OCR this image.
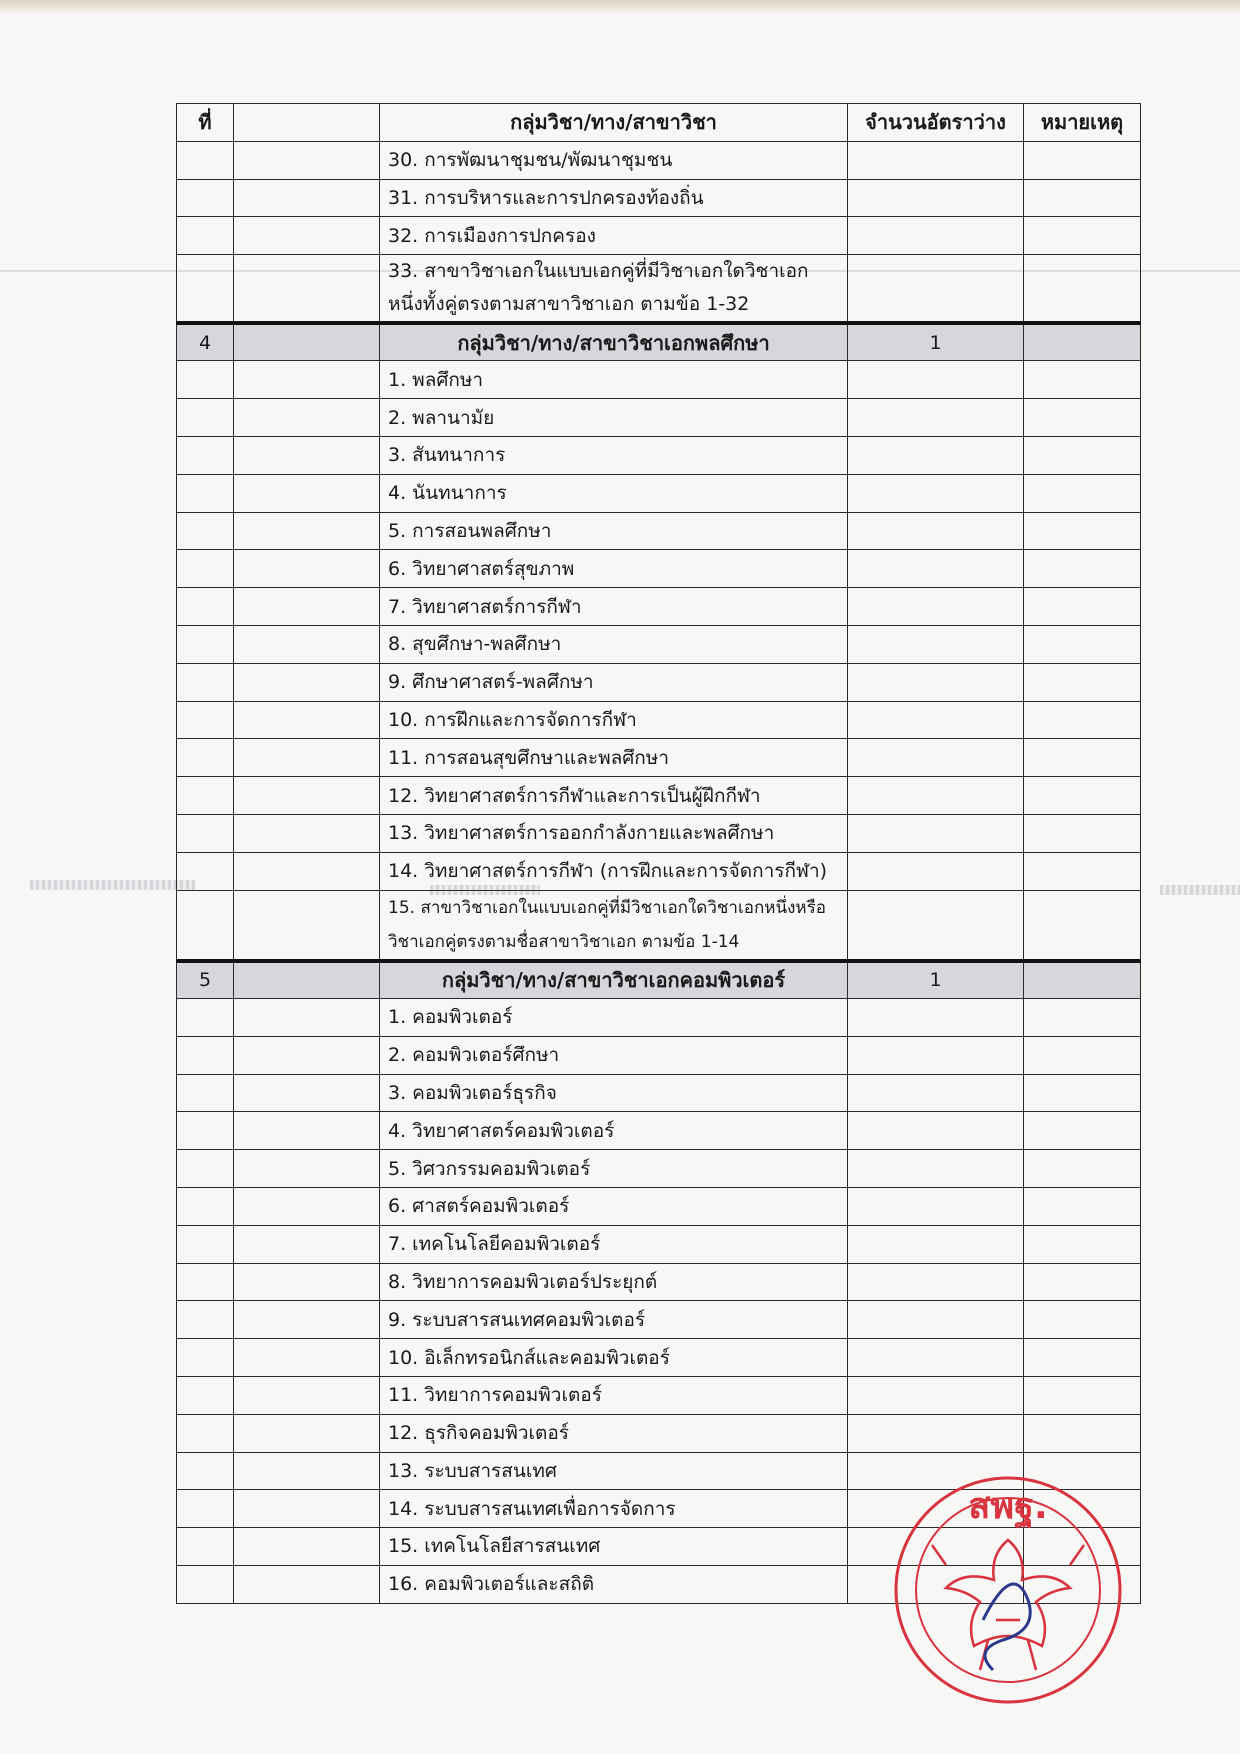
ที่		กลุ่มวิชา/ทาง/สาขาวิชา	จำนวนอัตราว่าง	หมายเหตุ
		30. การพัฒนาชุมชน/พัฒนาชุมชน		
		31. การบริหารและการปกครองท้องถิ่น		
		32. การเมืองการปกครอง		
		33. สาขาวิชาเอกในแบบเอกคู่ที่มีวิชาเอกใดวิชาเอก
หนึ่งทั้งคู่ตรงตามสาขาวิชาเอก ตามข้อ 1-32		
4		กลุ่มวิชา/ทาง/สาขาวิชาเอกพลศึกษา	1	
		1. พลศึกษา		
		2. พลานามัย		
		3. สันทนาการ		
		4. นันทนาการ		
		5. การสอนพลศึกษา		
		6. วิทยาศาสตร์สุขภาพ		
		7. วิทยาศาสตร์การกีฬา		
		8. สุขศึกษา-พลศึกษา		
		9. ศึกษาศาสตร์-พลศึกษา		
		10. การฝึกและการจัดการกีฬา		
		11. การสอนสุขศึกษาและพลศึกษา		
		12. วิทยาศาสตร์การกีฬาและการเป็นผู้ฝึกกีฬา		
		13. วิทยาศาสตร์การออกกำลังกายและพลศึกษา		
		14. วิทยาศาสตร์การกีฬา (การฝึกและการจัดการกีฬา)		
		15. สาขาวิชาเอกในแบบเอกคู่ที่มีวิชาเอกใดวิชาเอกหนึ่งหรือ
วิชาเอกคู่ตรงตามชื่อสาขาวิชาเอก ตามข้อ 1-14		
5		กลุ่มวิชา/ทาง/สาขาวิชาเอกคอมพิวเตอร์	1	
		1. คอมพิวเตอร์		
		2. คอมพิวเตอร์ศึกษา		
		3. คอมพิวเตอร์ธุรกิจ		
		4. วิทยาศาสตร์คอมพิวเตอร์		
		5. วิศวกรรมคอมพิวเตอร์		
		6. ศาสตร์คอมพิวเตอร์		
		7. เทคโนโลยีคอมพิวเตอร์		
		8. วิทยาการคอมพิวเตอร์ประยุกต์		
		9. ระบบสารสนเทศคอมพิวเตอร์		
		10. อิเล็กทรอนิกส์และคอมพิวเตอร์		
		11. วิทยาการคอมพิวเตอร์		
		12. ธุรกิจคอมพิวเตอร์		
		13. ระบบสารสนเทศ		
		14. ระบบสารสนเทศเพื่อการจัดการ		
		15. เทคโนโลยีสารสนเทศ		
		16. คอมพิวเตอร์และสถิติ		
สพฐ.
